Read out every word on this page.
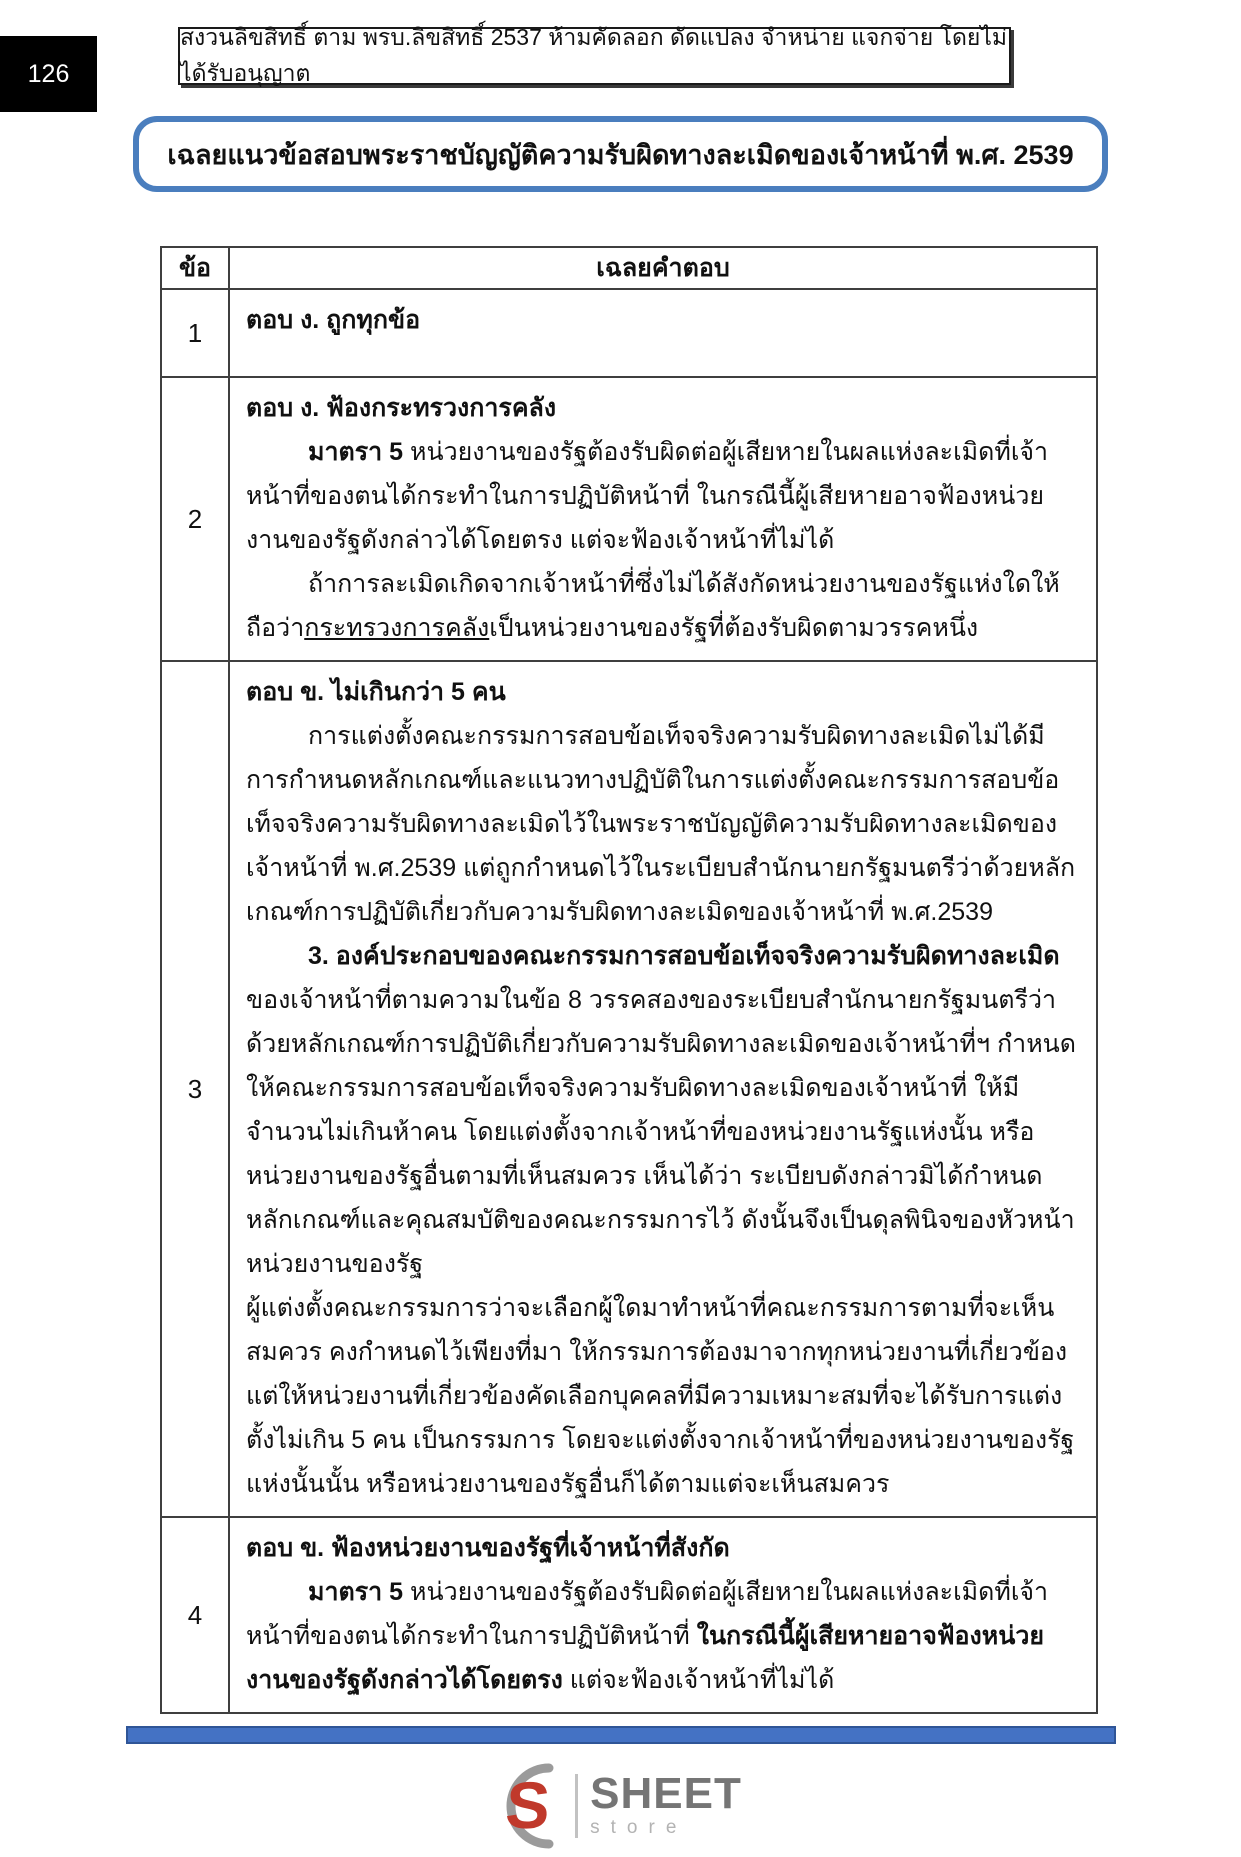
126
สงวนลิขสิทธิ์ ตาม พรบ.ลิขสิทธิ์ 2537 ห้ามคัดลอก ดัดแปลง จำหน่าย แจกจ่าย โดยไม่ได้รับอนุญาต
เฉลยแนวข้อสอบพระราชบัญญัติความรับผิดทางละเมิดของเจ้าหน้าที่ พ.ศ. 2539
ข้อ	เฉลยคำตอบ
1	ตอบ ง. ถูกทุกข้อ

2	ตอบ ง. ฟ้องกระทรวงการคลัง
มาตรา 5 หน่วยงานของรัฐต้องรับผิดต่อผู้เสียหายในผลแห่งละเมิดที่เจ้าหน้าที่ของตนได้กระทำในการปฏิบัติหน้าที่ ในกรณีนี้ผู้เสียหายอาจฟ้องหน่วยงานของรัฐดังกล่าวได้โดยตรง แต่จะฟ้องเจ้าหน้าที่ไม่ได้
ถ้าการละเมิดเกิดจากเจ้าหน้าที่ซึ่งไม่ได้สังกัดหน่วยงานของรัฐแห่งใดให้ถือว่ากระทรวงการคลังเป็นหน่วยงานของรัฐที่ต้องรับผิดตามวรรคหนึ่ง

3	ตอบ ข. ไม่เกินกว่า 5 คน
การแต่งตั้งคณะกรรมการสอบข้อเท็จจริงความรับผิดทางละเมิดไม่ได้มีการกำหนดหลักเกณฑ์และแนวทางปฏิบัติในการแต่งตั้งคณะกรรมการสอบข้อเท็จจริงความรับผิดทางละเมิดไว้ในพระราชบัญญัติความรับผิดทางละเมิดของเจ้าหน้าที่ พ.ศ.2539 แต่ถูกกำหนดไว้ในระเบียบสำนักนายกรัฐมนตรีว่าด้วยหลักเกณฑ์การปฏิบัติเกี่ยวกับความรับผิดทางละเมิดของเจ้าหน้าที่ พ.ศ.2539
3. องค์ประกอบของคณะกรรมการสอบข้อเท็จจริงความรับผิดทางละเมิดของเจ้าหน้าที่ตามความในข้อ 8 วรรคสองของระเบียบสำนักนายกรัฐมนตรีว่าด้วยหลักเกณฑ์การปฏิบัติเกี่ยวกับความรับผิดทางละเมิดของเจ้าหน้าที่ฯ กำหนดให้คณะกรรมการสอบข้อเท็จจริงความรับผิดทางละเมิดของเจ้าหน้าที่ ให้มีจำนวนไม่เกินห้าคน โดยแต่งตั้งจากเจ้าหน้าที่ของหน่วยงานรัฐแห่งนั้น หรือหน่วยงานของรัฐอื่นตามที่เห็นสมควร เห็นได้ว่า ระเบียบดังกล่าวมิได้กำหนดหลักเกณฑ์และคุณสมบัติของคณะกรรมการไว้ ดังนั้นจึงเป็นดุลพินิจของหัวหน้าหน่วยงานของรัฐ
ผู้แต่งตั้งคณะกรรมการว่าจะเลือกผู้ใดมาทำหน้าที่คณะกรรมการตามที่จะเห็นสมควร คงกำหนดไว้เพียงที่มา ให้กรรมการต้องมาจากทุกหน่วยงานที่เกี่ยวข้องแต่ให้หน่วยงานที่เกี่ยวข้องคัดเลือกบุคคลที่มีความเหมาะสมที่จะได้รับการแต่งตั้งไม่เกิน 5 คน เป็นกรรมการ โดยจะแต่งตั้งจากเจ้าหน้าที่ของหน่วยงานของรัฐแห่งนั้นนั้น หรือหน่วยงานของรัฐอื่นก็ได้ตามแต่จะเห็นสมควร

4	ตอบ ข. ฟ้องหน่วยงานของรัฐที่เจ้าหน้าที่สังกัด
มาตรา 5 หน่วยงานของรัฐต้องรับผิดต่อผู้เสียหายในผลแห่งละเมิดที่เจ้าหน้าที่ของตนได้กระทำในการปฏิบัติหน้าที่ ในกรณีนี้ผู้เสียหายอาจฟ้องหน่วยงานของรัฐดังกล่าวได้โดยตรง แต่จะฟ้องเจ้าหน้าที่ไม่ได้
S SHEET
store
